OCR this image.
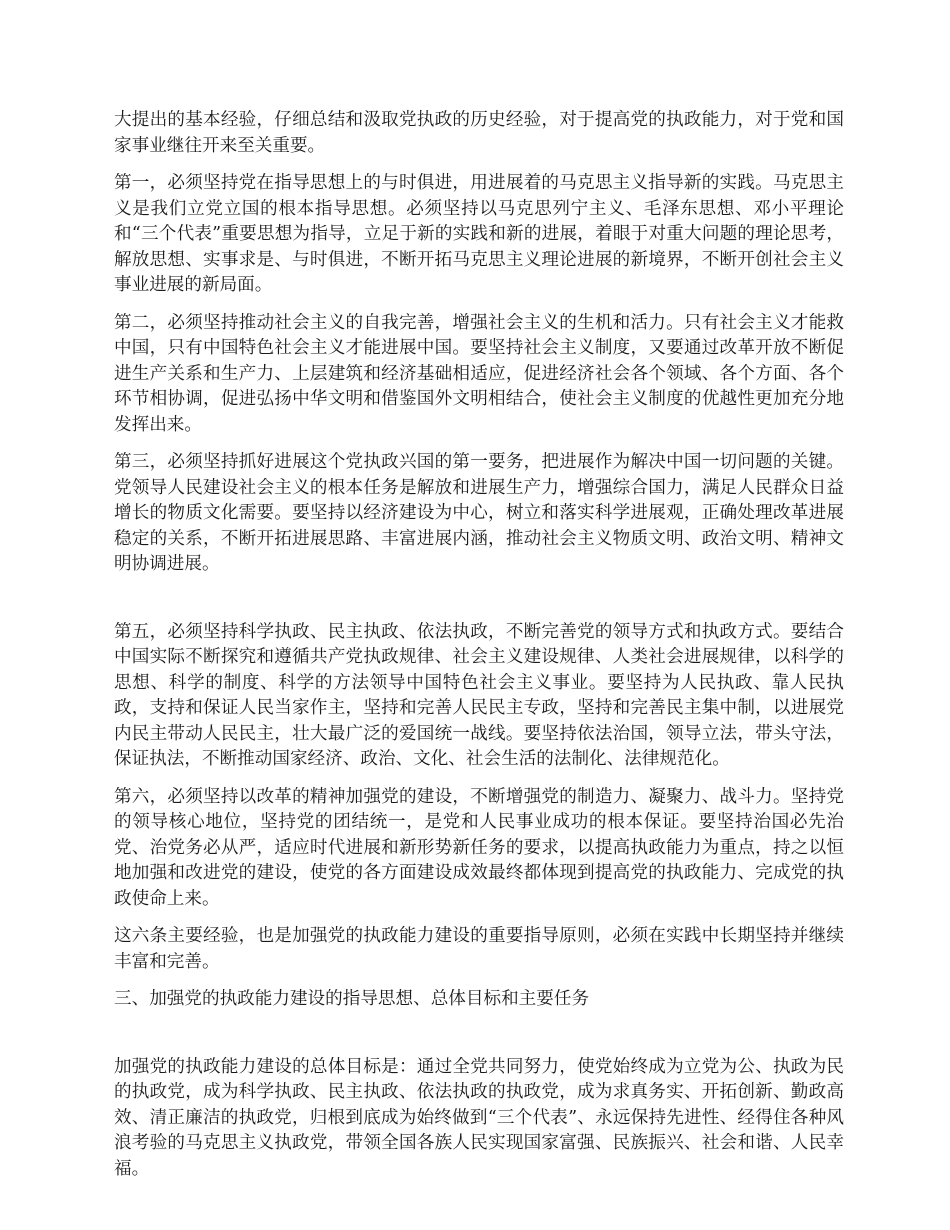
大提出的基本经验，仔细总结和汲取党执政的历史经验，对于提高党的执政能力，对于党和国家事业继往开来至关重要。

第一，必须坚持党在指导思想上的与时俱进，用进展着的马克思主义指导新的实践。马克思主义是我们立党立国的根本指导思想。必须坚持以马克思列宁主义、毛泽东思想、邓小平理论和“三个代表”重要思想为指导，立足于新的实践和新的进展，着眼于对重大问题的理论思考，解放思想、实事求是、与时俱进，不断开拓马克思主义理论进展的新境界，不断开创社会主义事业进展的新局面。

第二，必须坚持推动社会主义的自我完善，增强社会主义的生机和活力。只有社会主义才能救中国，只有中国特色社会主义才能进展中国。要坚持社会主义制度，又要通过改革开放不断促进生产关系和生产力、上层建筑和经济基础相适应，促进经济社会各个领域、各个方面、各个环节相协调，促进弘扬中华文明和借鉴国外文明相结合，使社会主义制度的优越性更加充分地发挥出来。

第三，必须坚持抓好进展这个党执政兴国的第一要务，把进展作为解决中国一切问题的关键。党领导人民建设社会主义的根本任务是解放和进展生产力，增强综合国力，满足人民群众日益增长的物质文化需要。要坚持以经济建设为中心，树立和落实科学进展观，正确处理改革进展稳定的关系，不断开拓进展思路、丰富进展内涵，推动社会主义物质文明、政治文明、精神文明协调进展。

第五，必须坚持科学执政、民主执政、依法执政，不断完善党的领导方式和执政方式。要结合中国实际不断探究和遵循共产党执政规律、社会主义建设规律、人类社会进展规律，以科学的思想、科学的制度、科学的方法领导中国特色社会主义事业。要坚持为人民执政、靠人民执政，支持和保证人民当家作主，坚持和完善人民民主专政，坚持和完善民主集中制，以进展党内民主带动人民民主，壮大最广泛的爱国统一战线。要坚持依法治国，领导立法，带头守法，保证执法，不断推动国家经济、政治、文化、社会生活的法制化、法律规范化。

第六，必须坚持以改革的精神加强党的建设，不断增强党的制造力、凝聚力、战斗力。坚持党的领导核心地位，坚持党的团结统一，是党和人民事业成功的根本保证。要坚持治国必先治党、治党务必从严，适应时代进展和新形势新任务的要求，以提高执政能力为重点，持之以恒地加强和改进党的建设，使党的各方面建设成效最终都体现到提高党的执政能力、完成党的执政使命上来。

这六条主要经验，也是加强党的执政能力建设的重要指导原则，必须在实践中长期坚持并继续丰富和完善。

三、加强党的执政能力建设的指导思想、总体目标和主要任务

加强党的执政能力建设的总体目标是：通过全党共同努力，使党始终成为立党为公、执政为民的执政党，成为科学执政、民主执政、依法执政的执政党，成为求真务实、开拓创新、勤政高效、清正廉洁的执政党，归根到底成为始终做到“三个代表”、永远保持先进性、经得住各种风浪考验的马克思主义执政党，带领全国各族人民实现国家富强、民族振兴、社会和谐、人民幸福。
